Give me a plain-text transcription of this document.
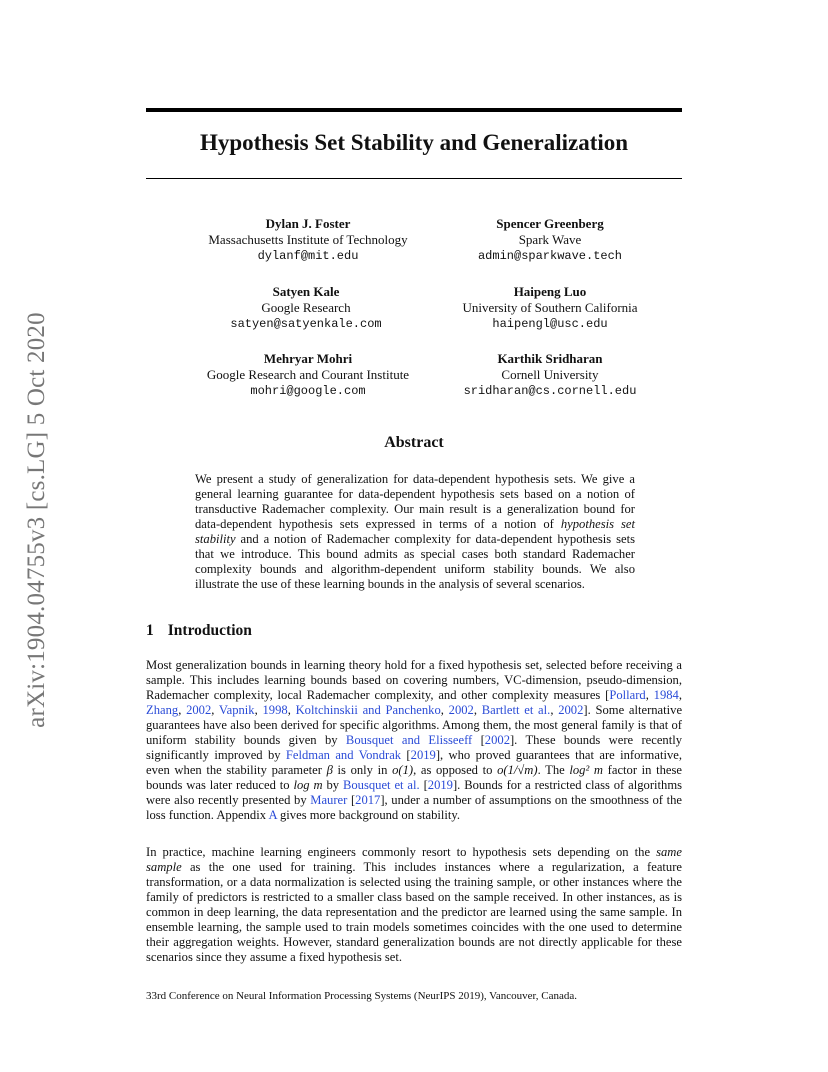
arXiv:1904.04755v3 [cs.LG] 5 Oct 2020
Hypothesis Set Stability and Generalization
Dylan J. Foster
Massachusetts Institute of Technology
dylanf@mit.edu
Spencer Greenberg
Spark Wave
admin@sparkwave.tech
Satyen Kale
Google Research
satyen@satyenkale.com
Haipeng Luo
University of Southern California
haipengl@usc.edu
Mehryar Mohri
Google Research and Courant Institute
mohri@google.com
Karthik Sridharan
Cornell University
sridharan@cs.cornell.edu
Abstract

We present a study of generalization for data-dependent hypothesis sets. We give a general learning guarantee for data-dependent hypothesis sets based on a notion of transductive Rademacher complexity. Our main result is a generalization bound for data-dependent hypothesis sets expressed in terms of a notion of hypothesis set stability and a notion of Rademacher complexity for data-dependent hypothesis sets that we introduce. This bound admits as special cases both standard Rademacher complexity bounds and algorithm-dependent uniform stability bounds. We also illustrate the use of these learning bounds in the analysis of several scenarios.

1 Introduction

Most generalization bounds in learning theory hold for a fixed hypothesis set, selected before receiving a sample. This includes learning bounds based on covering numbers, VC-dimension, pseudo-dimension, Rademacher complexity, local Rademacher complexity, and other complexity measures [Pollard, 1984, Zhang, 2002, Vapnik, 1998, Koltchinskii and Panchenko, 2002, Bartlett et al., 2002]. Some alternative guarantees have also been derived for specific algorithms. Among them, the most general family is that of uniform stability bounds given by Bousquet and Elisseeff [2002]. These bounds were recently significantly improved by Feldman and Vondrak [2019], who proved guarantees that are informative, even when the stability parameter β is only in o(1), as opposed to o(1/√m). The log² m factor in these bounds was later reduced to log m by Bousquet et al. [2019]. Bounds for a restricted class of algorithms were also recently presented by Maurer [2017], under a number of assumptions on the smoothness of the loss function. Appendix A gives more background on stability.

In practice, machine learning engineers commonly resort to hypothesis sets depending on the same sample as the one used for training. This includes instances where a regularization, a feature transformation, or a data normalization is selected using the training sample, or other instances where the family of predictors is restricted to a smaller class based on the sample received. In other instances, as is common in deep learning, the data representation and the predictor are learned using the same sample. In ensemble learning, the sample used to train models sometimes coincides with the one used to determine their aggregation weights. However, standard generalization bounds are not directly applicable for these scenarios since they assume a fixed hypothesis set.

33rd Conference on Neural Information Processing Systems (NeurIPS 2019), Vancouver, Canada.
